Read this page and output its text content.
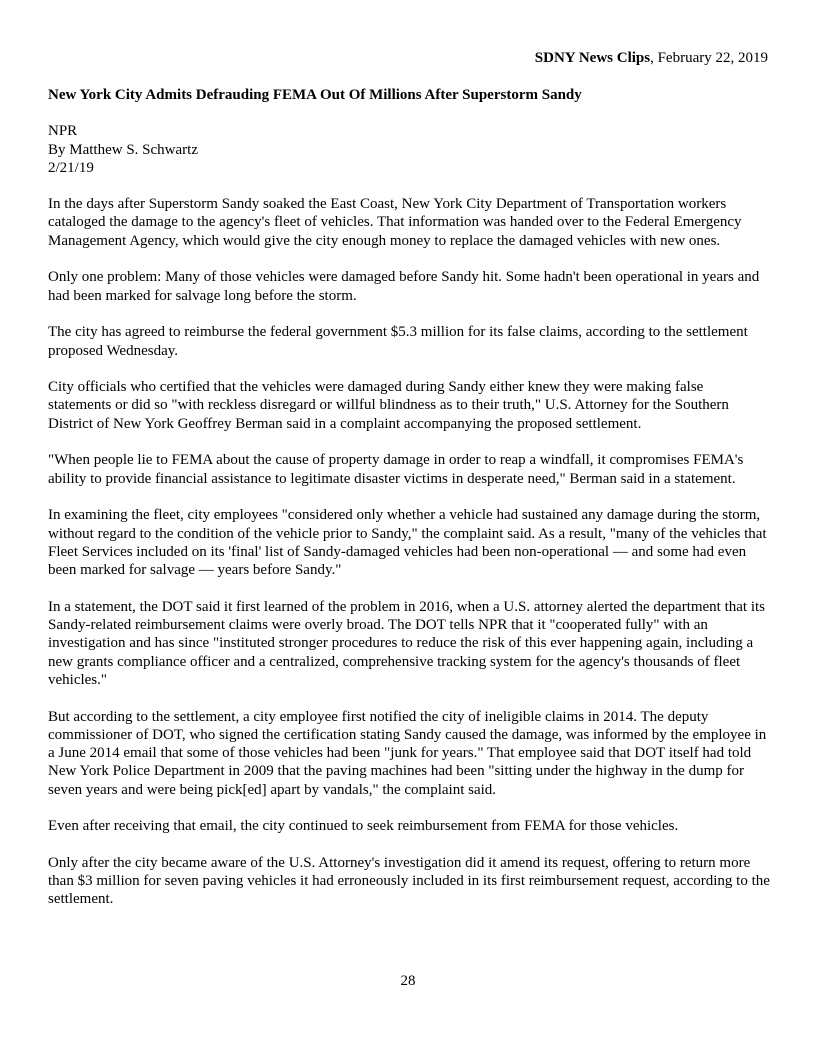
SDNY News Clips, February 22, 2019
New York City Admits Defrauding FEMA Out Of Millions After Superstorm Sandy
NPR
By Matthew S. Schwartz
2/21/19

In the days after Superstorm Sandy soaked the East Coast, New York City Department of Transportation workers cataloged the damage to the agency's fleet of vehicles. That information was handed over to the Federal Emergency Management Agency, which would give the city enough money to replace the damaged vehicles with new ones.

Only one problem: Many of those vehicles were damaged before Sandy hit. Some hadn't been operational in years and had been marked for salvage long before the storm.

The city has agreed to reimburse the federal government $5.3 million for its false claims, according to the settlement proposed Wednesday.

City officials who certified that the vehicles were damaged during Sandy either knew they were making false statements or did so "with reckless disregard or willful blindness as to their truth," U.S. Attorney for the Southern District of New York Geoffrey Berman said in a complaint accompanying the proposed settlement.

"When people lie to FEMA about the cause of property damage in order to reap a windfall, it compromises FEMA's ability to provide financial assistance to legitimate disaster victims in desperate need," Berman said in a statement.

In examining the fleet, city employees "considered only whether a vehicle had sustained any damage during the storm, without regard to the condition of the vehicle prior to Sandy," the complaint said. As a result, "many of the vehicles that Fleet Services included on its 'final' list of Sandy-damaged vehicles had been non-operational — and some had even been marked for salvage — years before Sandy."

In a statement, the DOT said it first learned of the problem in 2016, when a U.S. attorney alerted the department that its Sandy-related reimbursement claims were overly broad. The DOT tells NPR that it "cooperated fully" with an investigation and has since "instituted stronger procedures to reduce the risk of this ever happening again, including a new grants compliance officer and a centralized, comprehensive tracking system for the agency's thousands of fleet vehicles."

But according to the settlement, a city employee first notified the city of ineligible claims in 2014. The deputy commissioner of DOT, who signed the certification stating Sandy caused the damage, was informed by the employee in a June 2014 email that some of those vehicles had been "junk for years." That employee said that DOT itself had told New York Police Department in 2009 that the paving machines had been "sitting under the highway in the dump for seven years and were being pick[ed] apart by vandals," the complaint said.

Even after receiving that email, the city continued to seek reimbursement from FEMA for those vehicles.

Only after the city became aware of the U.S. Attorney's investigation did it amend its request, offering to return more than $3 million for seven paving vehicles it had erroneously included in its first reimbursement request, according to the settlement.

28
